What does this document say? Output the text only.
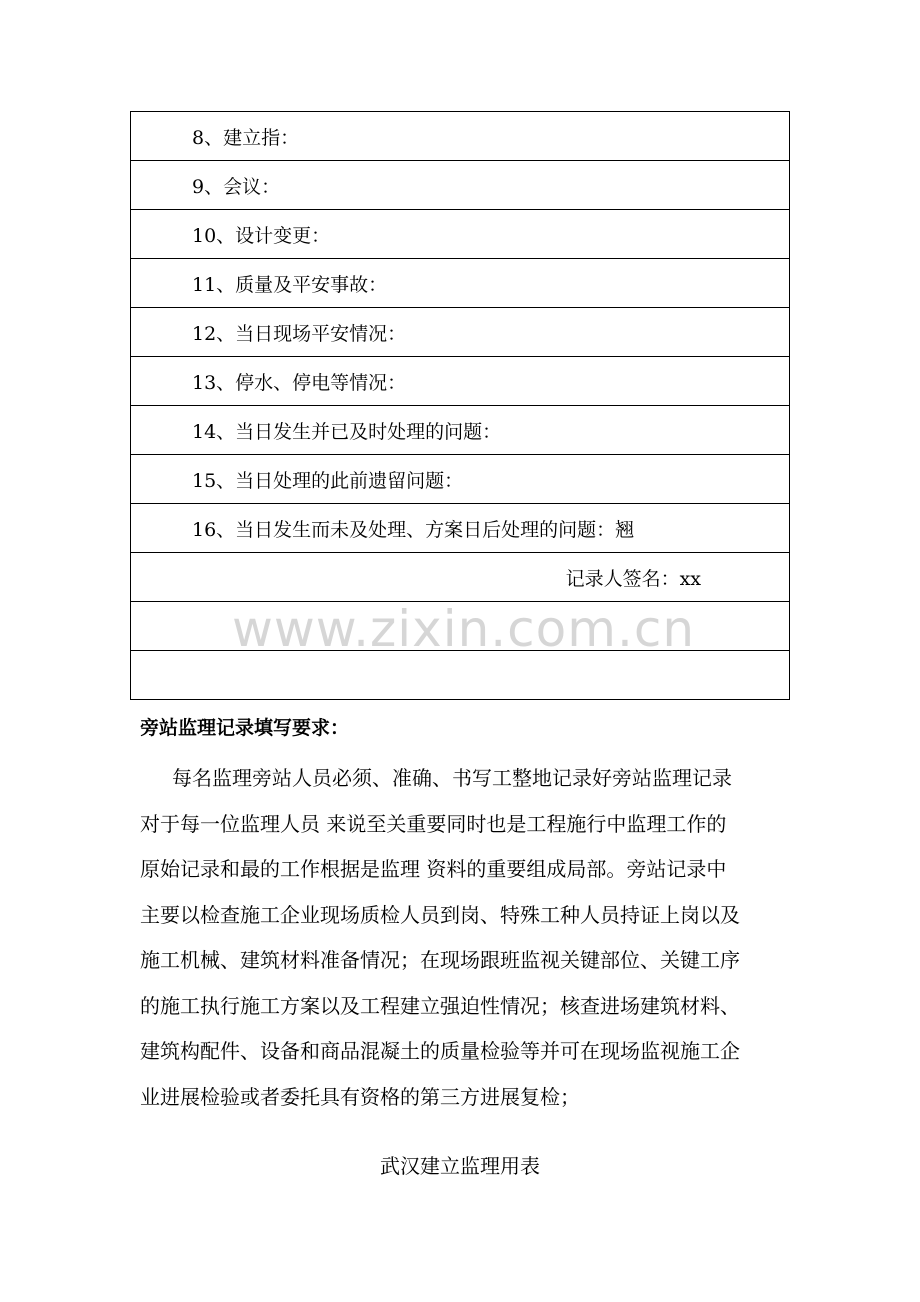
8、建立指：
9、会议：
10、设计变更：
11、质量及平安事故：
12、当日现场平安情况：
13、停水、停电等情况：
14、当日发生并已及时处理的问题：
15、当日处理的此前遗留问题：
16、当日发生而未及处理、方案日后处理的问题：翘
记录人签名：xx

www.zixin.com.cn
旁站监理记录填写要求：
每名监理旁站人员必须、准确、书写工整地记录好旁站监理记录
对于每一位监理人员 来说至关重要同时也是工程施行中监理工作的
原始记录和最的工作根据是监理 资料的重要组成局部。旁站记录中
主要以检查施工企业现场质检人员到岗、特殊工种人员持证上岗以及
施工机械、建筑材料准备情况；在现场跟班监视关键部位、关键工序
的施工执行施工方案以及工程建立强迫性情况；核查进场建筑材料、
建筑构配件、设备和商品混凝土的质量检验等并可在现场监视施工企
业进展检验或者委托具有资格的第三方进展复检；
武汉建立监理用表
